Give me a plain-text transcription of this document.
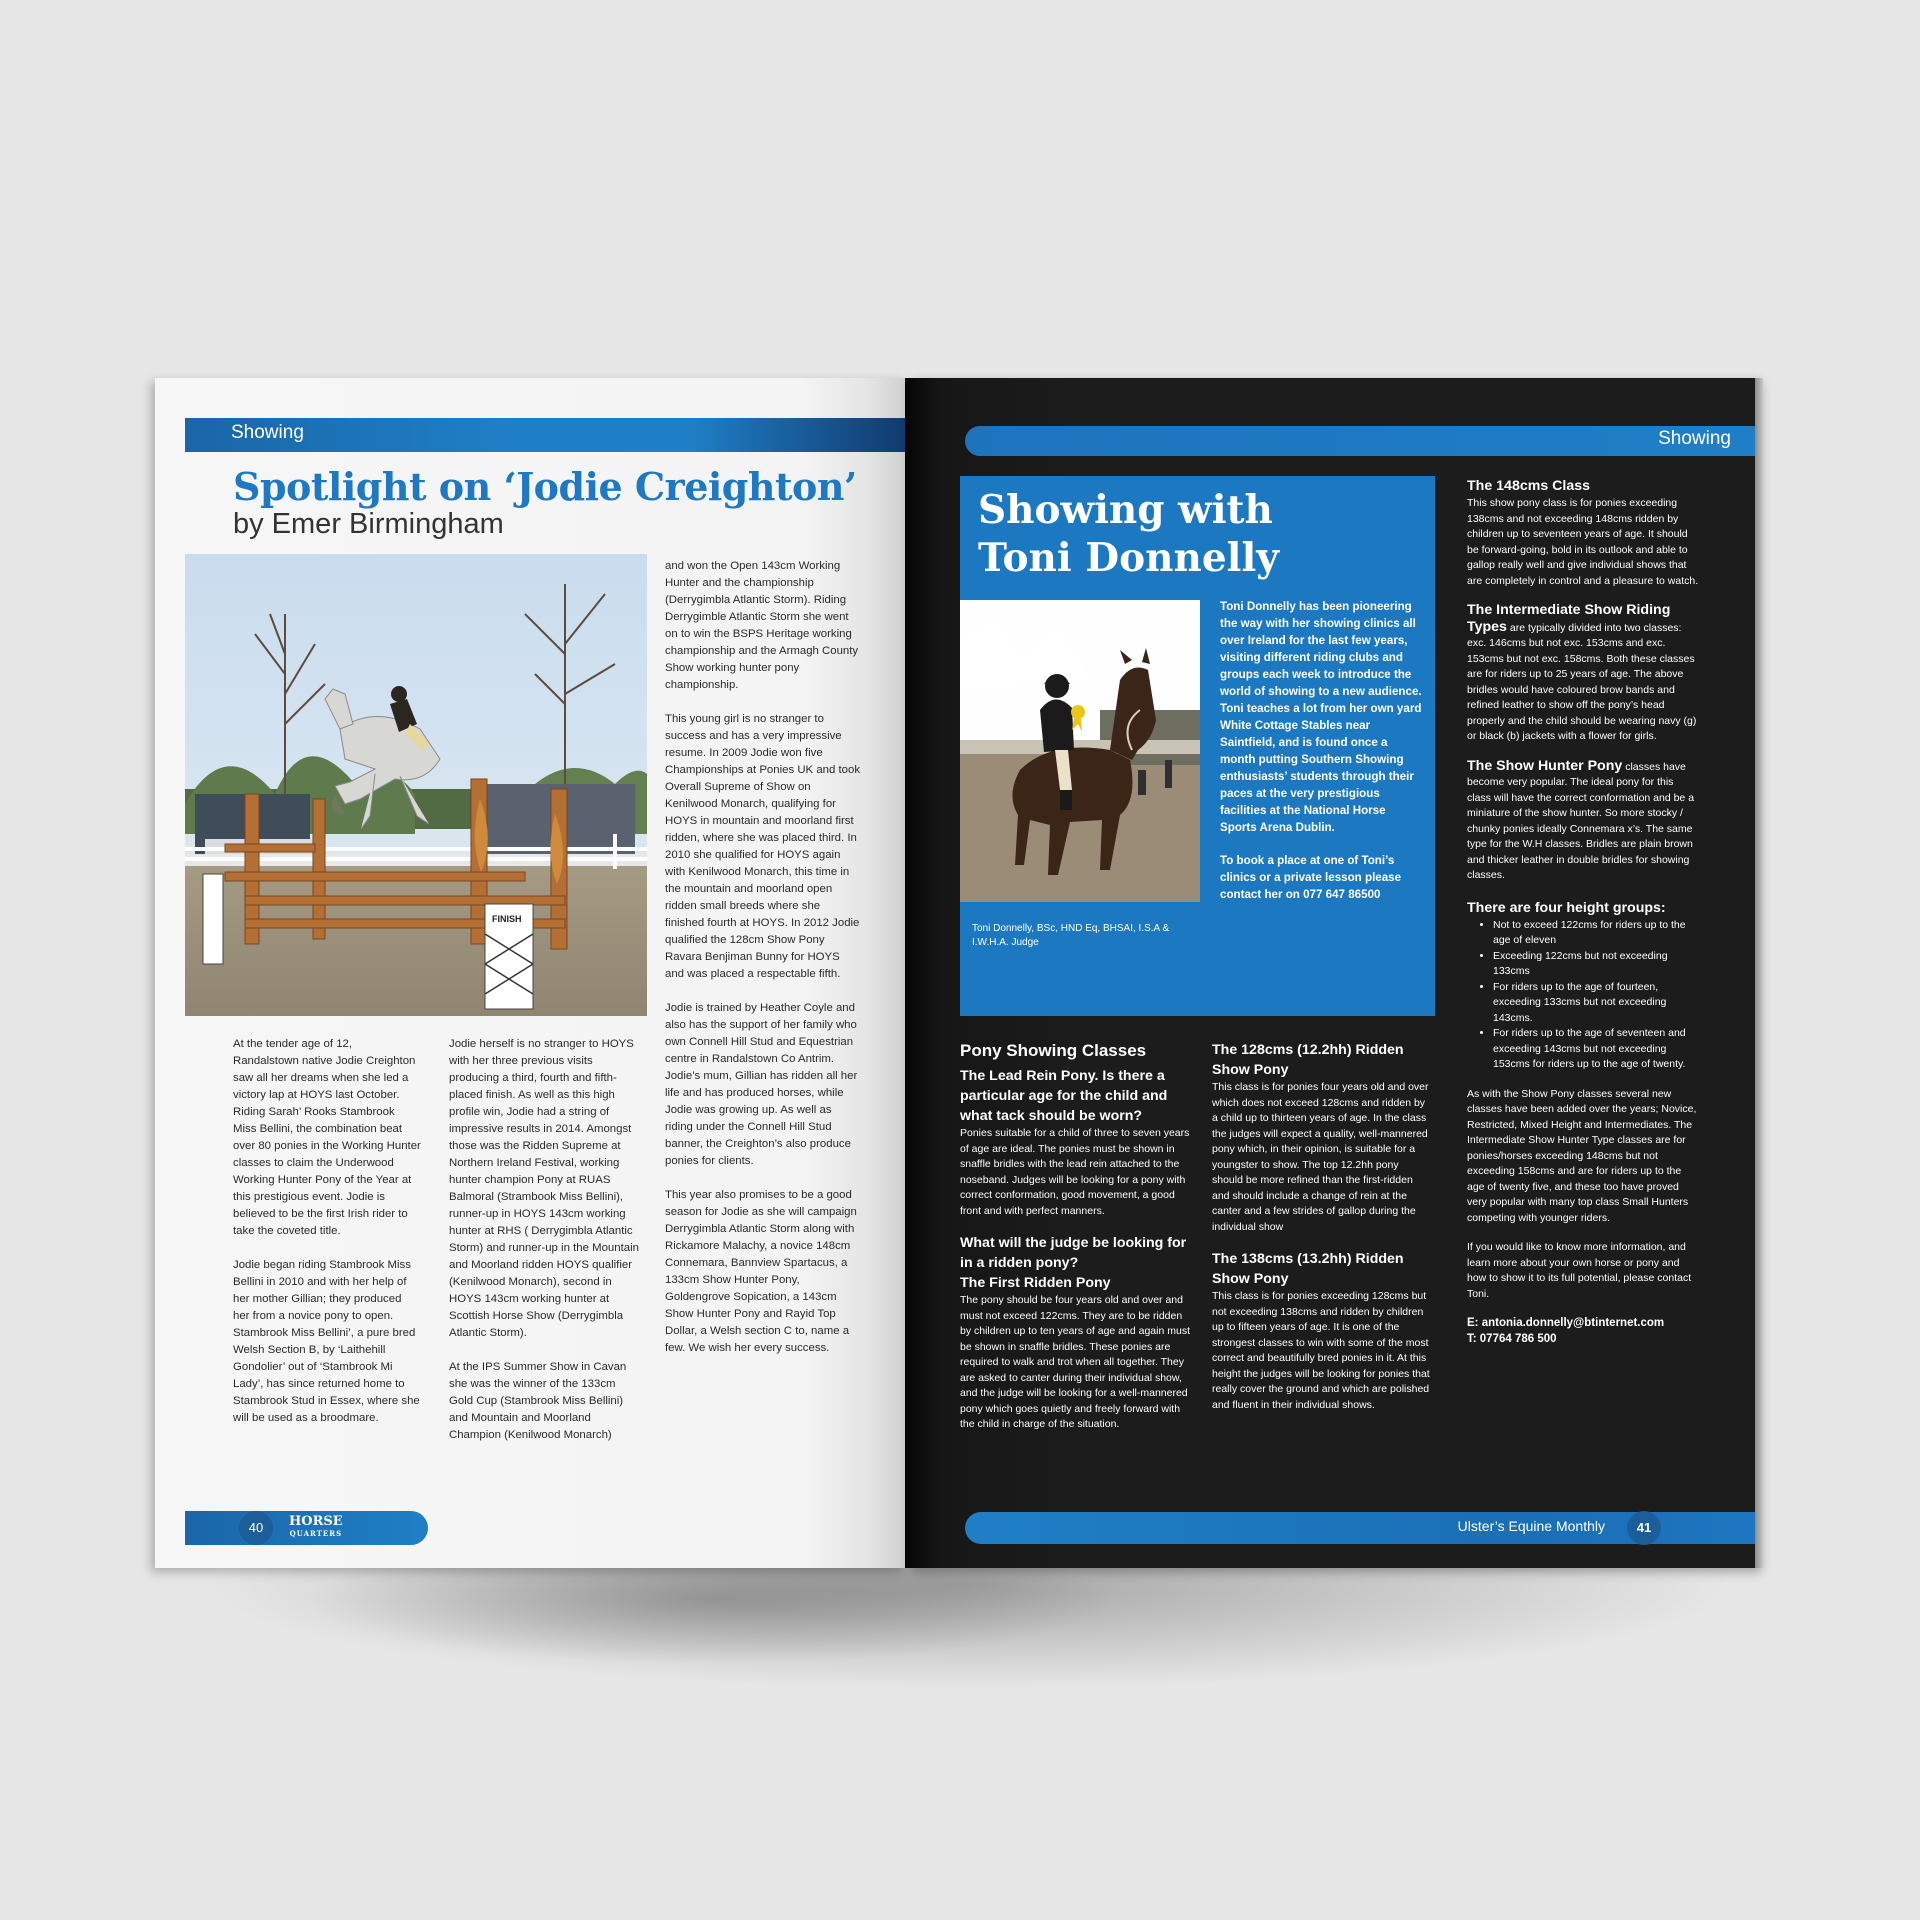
Showing
Spotlight on ‘Jodie Creighton’
by Emer Birmingham
FINISH
At the tender age of 12, Randalstown native Jodie Creighton saw all her dreams when she led a victory lap at HOYS last October. Riding Sarah’ Rooks Stambrook Miss Bellini, the combination beat over 80 ponies in the Working Hunter classes to claim the Underwood Working Hunter Pony of the Year at this prestigious event. Jodie is believed to be the first Irish rider to take the coveted title.

Jodie began riding Stambrook Miss Bellini in 2010 and with her help of her mother Gillian; they produced her from a novice pony to open. Stambrook Miss Bellini’, a pure bred Welsh Section B, by ‘Laithehill Gondolier’ out of ‘Stambrook Mi Lady’, has since returned home to Stambrook Stud in Essex, where she will be used as a broodmare.
Jodie herself is no stranger to HOYS with her three previous visits producing a third, fourth and fifth-placed finish. As well as this high profile win, Jodie had a string of impressive results in 2014. Amongst those was the Ridden Supreme at Northern Ireland Festival, working hunter champion Pony at RUAS Balmoral (Strambook Miss Bellini), runner-up in HOYS 143cm working hunter at RHS ( Derrygimbla Atlantic Storm) and runner-up in the Mountain and Moorland ridden HOYS qualifier (Kenilwood Monarch), second in HOYS 143cm working hunter at Scottish Horse Show (Derrygimbla Atlantic Storm).

At the IPS Summer Show in Cavan she was the winner of the 133cm Gold Cup (Stambrook Miss Bellini) and Mountain and Moorland Champion (Kenilwood Monarch)
and won the Open 143cm Working Hunter and the championship (Derrygimbla Atlantic Storm). Riding Derrygimble Atlantic Storm she went on to win the BSPS Heritage working championship and the Armagh County Show working hunter pony championship.

This young girl is no stranger to success and has a very impressive resume. In 2009 Jodie won five Championships at Ponies UK and took Overall Supreme of Show on Kenilwood Monarch, qualifying for HOYS in mountain and moorland first ridden, where she was placed third. In 2010 she qualified for HOYS again with Kenilwood Monarch, this time in the mountain and moorland open ridden small breeds where she finished fourth at HOYS. In 2012 Jodie qualified the 128cm Show Pony Ravara Benjiman Bunny for HOYS and was placed a respectable fifth.

Jodie is trained by Heather Coyle and also has the support of her family who own Connell Hill Stud and Equestrian centre in Randalstown Co Antrim. Jodie’s mum, Gillian has ridden all her life and has produced horses, while Jodie was growing up. As well as riding under the Connell Hill Stud banner, the Creighton’s also produce ponies for clients.

This year also promises to be a good season for Jodie as she will campaign Derrygimbla Atlantic Storm along with Rickamore Malachy, a novice 148cm Connemara, Bannview Spartacus, a 133cm Show Hunter Pony, Goldengrove Sopication, a 143cm Show Hunter Pony and Rayid Top Dollar, a Welsh section C to, name a few. We wish her every success.
40	HORSE
QUARTERS
Showing
Showing with
Toni Donnelly
Toni Donnelly, BSc, HND Eq, BHSAI, I.S.A & I.W.H.A. Judge

Toni Donnelly has been pioneering the way with her showing clinics all over Ireland for the last few years, visiting different riding clubs and groups each week to introduce the world of showing to a new audience. Toni teaches a lot from her own yard White Cottage Stables near Saintfield, and is found once a month putting Southern Showing enthusiasts’ students through their paces at the very prestigious facilities at the National Horse Sports Arena Dublin.

To book a place at one of Toni’s clinics or a private lesson please contact her on 077 647 86500

Pony Showing Classes
The Lead Rein Pony. Is there a particular age for the child and what tack should be worn?

Ponies suitable for a child of three to seven years of age are ideal. The ponies must be shown in snaffle bridles with the lead rein attached to the noseband. Judges will be looking for a pony with correct conformation, good movement, a good front and with perfect manners.

What will the judge be looking for in a ridden pony?
The First Ridden Pony

The pony should be four years old and over and must not exceed 122cms. They are to be ridden by children up to ten years of age and again must be shown in snaffle bridles. These ponies are required to walk and trot when all together. They are asked to canter during their individual show, and the judge will be looking for a well-mannered pony which goes quietly and freely forward with the child in charge of the situation.

The 128cms (12.2hh) Ridden Show Pony

This class is for ponies four years old and over which does not exceed 128cms and ridden by a child up to thirteen years of age. In the class the judges will expect a quality, well-mannered pony which, in their opinion, is suitable for a youngster to show. The top 12.2hh pony should be more refined than the first-ridden and should include a change of rein at the canter and a few strides of gallop during the individual show

The 138cms (13.2hh) Ridden Show Pony

This class is for ponies exceeding 128cms but not exceeding 138cms and ridden by children up to fifteen years of age. It is one of the strongest classes to win with some of the most correct and beautifully bred ponies in it. At this height the judges will be looking for ponies that really cover the ground and which are polished and fluent in their individual shows.

The 148cms Class

This show pony class is for ponies exceeding 138cms and not exceeding 148cms ridden by children up to seventeen years of age. It should be forward-going, bold in its outlook and able to gallop really well and give individual shows that are completely in control and a pleasure to watch.

The Intermediate Show Riding Types are typically divided into two classes: exc. 146cms but not exc. 153cms and exc. 153cms but not exc. 158cms. Both these classes are for riders up to 25 years of age. The above bridles would have coloured brow bands and refined leather to show off the pony’s head properly and the child should be wearing navy (g) or black (b) jackets with a flower for girls.

The Show Hunter Pony classes have become very popular. The ideal pony for this class will have the correct conformation and be a miniature of the show hunter. So more stocky / chunky ponies ideally Connemara x’s. The same type for the W.H classes. Bridles are plain brown and thicker leather in double bridles for showing classes.

There are four height groups:
• Not to exceed 122cms for riders up to the age of eleven
• Exceeding 122cms but not exceeding 133cms
• For riders up to the age of fourteen, exceeding 133cms but not exceeding 143cms.
• For riders up to the age of seventeen and exceeding 143cms but not exceeding 153cms for riders up to the age of twenty.

As with the Show Pony classes several new classes have been added over the years; Novice, Restricted, Mixed Height and Intermediates. The Intermediate Show Hunter Type classes are for ponies/horses exceeding 148cms but not exceeding 158cms and are for riders up to the age of twenty five, and these too have proved very popular with many top class Small Hunters competing with younger riders.

If you would like to know more information, and learn more about your own horse or pony and how to show it to its full potential, please contact Toni.

E: antonia.donnelly@btinternet.com
T: 07764 786 500
Ulster’s Equine Monthly	41
